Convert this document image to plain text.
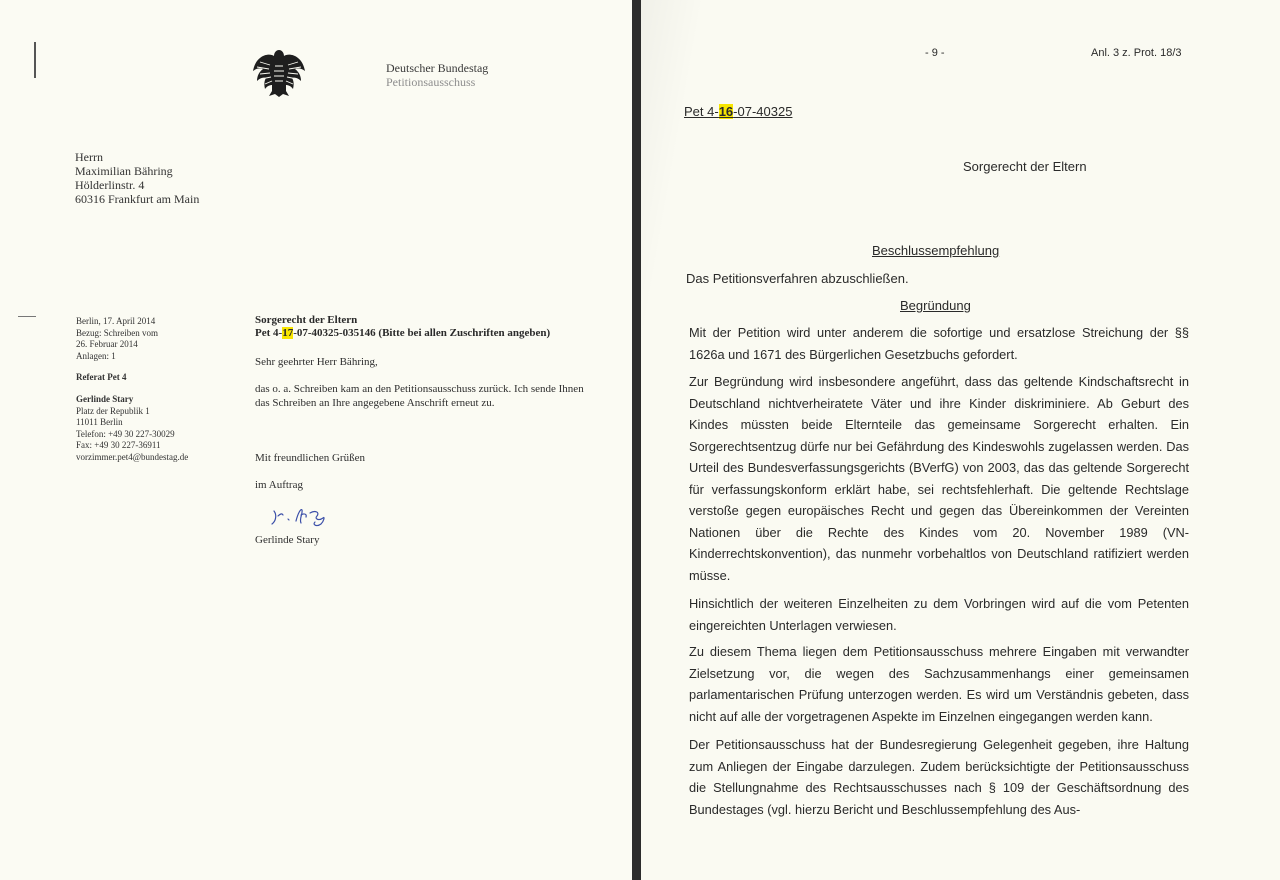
Deutscher Bundestag
Petitionsausschuss
Herrn
Maximilian Bähring
Hölderlinstr. 4
60316 Frankfurt am Main
Berlin, 17. April 2014
Bezug: Schreiben vom
26. Februar 2014
Anlagen: 1
Referat Pet 4
Gerlinde Stary
Platz der Republik 1
11011 Berlin
Telefon: +49 30 227-30029
Fax: +49 30 227-36911
vorzimmer.pet4@bundestag.de
Sorgerecht der Eltern
Pet 4-17-07-40325-035146 (Bitte bei allen Zuschriften angeben)
Sehr geehrter Herr Bähring,
das o. a. Schreiben kam an den Petitionsausschuss zurück. Ich sende Ihnen das Schreiben an Ihre angegebene Anschrift erneut zu.
Mit freundlichen Grüßen
im Auftrag
Gerlinde Stary
- 9 -	Anl. 3 z. Prot. 18/3
Pet 4-16-07-40325
Sorgerecht der Eltern
Beschlussempfehlung
Das Petitionsverfahren abzuschließen.
Begründung
Mit der Petition wird unter anderem die sofortige und ersatzlose Streichung der §§ 1626a und 1671 des Bürgerlichen Gesetzbuchs gefordert.
Zur Begründung wird insbesondere angeführt, dass das geltende Kindschaftsrecht in Deutschland nichtverheiratete Väter und ihre Kinder diskriminiere. Ab Geburt des Kindes müssten beide Elternteile das gemeinsame Sorgerecht erhalten. Ein Sorgerechtsentzug dürfe nur bei Gefährdung des Kindeswohls zugelassen werden. Das Urteil des Bundesverfassungsgerichts (BVerfG) von 2003, das das geltende Sorgerecht für verfassungskonform erklärt habe, sei rechtsfehlerhaft. Die geltende Rechtslage verstoße gegen europäisches Recht und gegen das Übereinkommen der Vereinten Nationen über die Rechte des Kindes vom 20. November 1989 (VN-Kinderrechtskonvention), das nunmehr vorbehaltlos von Deutschland ratifiziert werden müsse.
Hinsichtlich der weiteren Einzelheiten zu dem Vorbringen wird auf die vom Petenten eingereichten Unterlagen verwiesen.
Zu diesem Thema liegen dem Petitionsausschuss mehrere Eingaben mit verwandter Zielsetzung vor, die wegen des Sachzusammenhangs einer gemeinsamen parlamentarischen Prüfung unterzogen werden. Es wird um Verständnis gebeten, dass nicht auf alle der vorgetragenen Aspekte im Einzelnen eingegangen werden kann.
Der Petitionsausschuss hat der Bundesregierung Gelegenheit gegeben, ihre Haltung zum Anliegen der Eingabe darzulegen. Zudem berücksichtigte der Petitionsausschuss die Stellungnahme des Rechtsausschusses nach § 109 der Geschäftsordnung des Bundestages (vgl. hierzu Bericht und Beschlussempfehlung des Aus-
